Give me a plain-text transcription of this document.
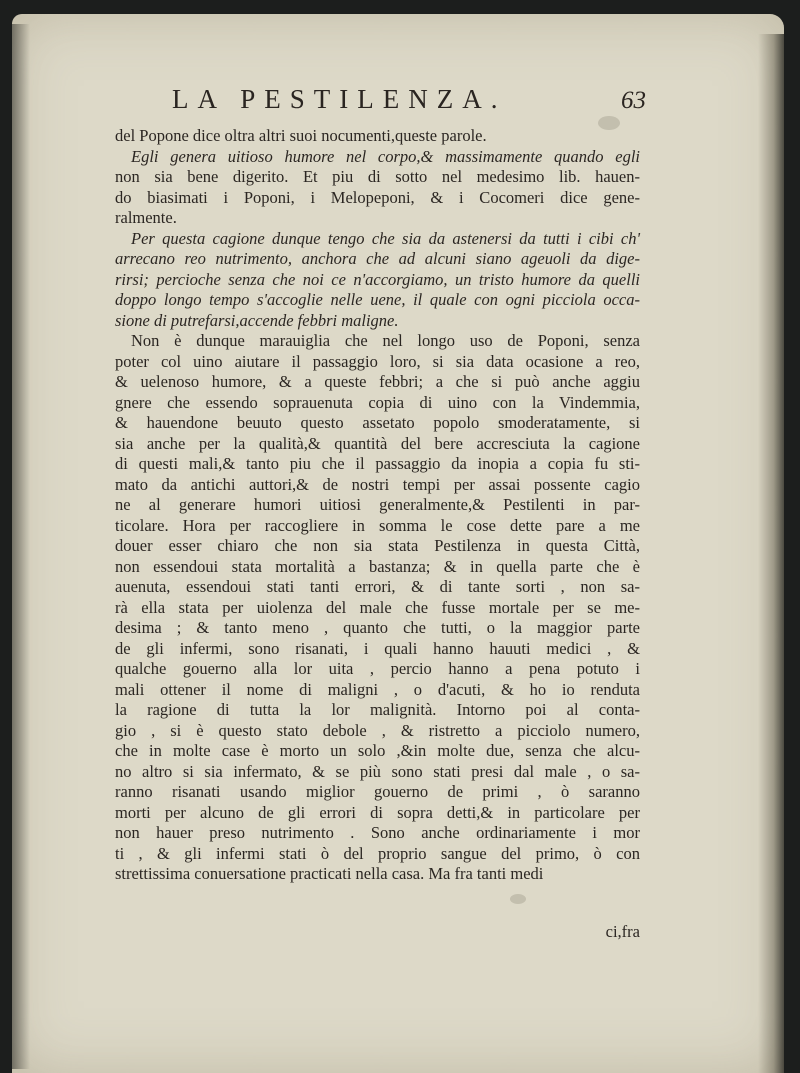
LA PESTILENZA.	63
del Popone dice oltra altri suoi nocumenti,queste parole.
Egli genera uitioso humore nel corpo,& massimamente quando egli
non sia bene digerito. Et piu di sotto nel medesimo lib. hauen-
do biasimati i Poponi, i Melopeponi, & i Cocomeri dice gene-
ralmente.
Per questa cagione dunque tengo che sia da astenersi da tutti i cibi ch'
arrecano reo nutrimento, anchora che ad alcuni siano ageuoli da dige-
rirsi; percioche senza che noi ce n'accorgiamo, un tristo humore da quelli
doppo longo tempo s'accoglie nelle uene, il quale con ogni picciola occa-
sione di putrefarsi,accende febbri maligne.
Non è dunque marauiglia che nel longo uso de Poponi, senza
poter col uino aiutare il passaggio loro, si sia data ocasione a reo,
& uelenoso humore, & a queste febbri; a che si può anche aggiu
gnere che essendo soprauenuta copia di uino con la Vindemmia,
& hauendone beuuto questo assetato popolo smoderatamente, si
sia anche per la qualità,& quantità del bere accresciuta la cagione
di questi mali,& tanto piu che il passaggio da inopia a copia fu sti-
mato da antichi auttori,& de nostri tempi per assai possente cagio
ne al generare humori uitiosi generalmente,& Pestilenti in par-
ticolare. Hora per raccogliere in somma le cose dette pare a me
douer esser chiaro che non sia stata Pestilenza in questa Città,
non essendoui stata mortalità a bastanza; & in quella parte che è
auenuta, essendoui stati tanti errori, & di tante sorti , non sa-
rà ella stata per uiolenza del male che fusse mortale per se me-
desima ; & tanto meno , quanto che tutti, o la maggior parte
de gli infermi, sono risanati, i quali hanno hauuti medici , &
qualche gouerno alla lor uita , percio hanno a pena potuto i
mali ottener il nome di maligni , o d'acuti, & ho io renduta
la ragione di tutta la lor malignità. Intorno poi al conta-
gio , si è questo stato debole , & ristretto a picciolo numero,
che in molte case è morto un solo ,&in molte due, senza che alcu-
no altro si sia infermato, & se più sono stati presi dal male , o sa-
ranno risanati usando miglior gouerno de primi , ò saranno
morti per alcuno de gli errori di sopra detti,& in particolare per
non hauer preso nutrimento . Sono anche ordinariamente i mor
ti , & gli infermi stati ò del proprio sangue del primo, ò con
strettissima conuersatione practicati nella casa. Ma fra tanti medi
ci,fra
